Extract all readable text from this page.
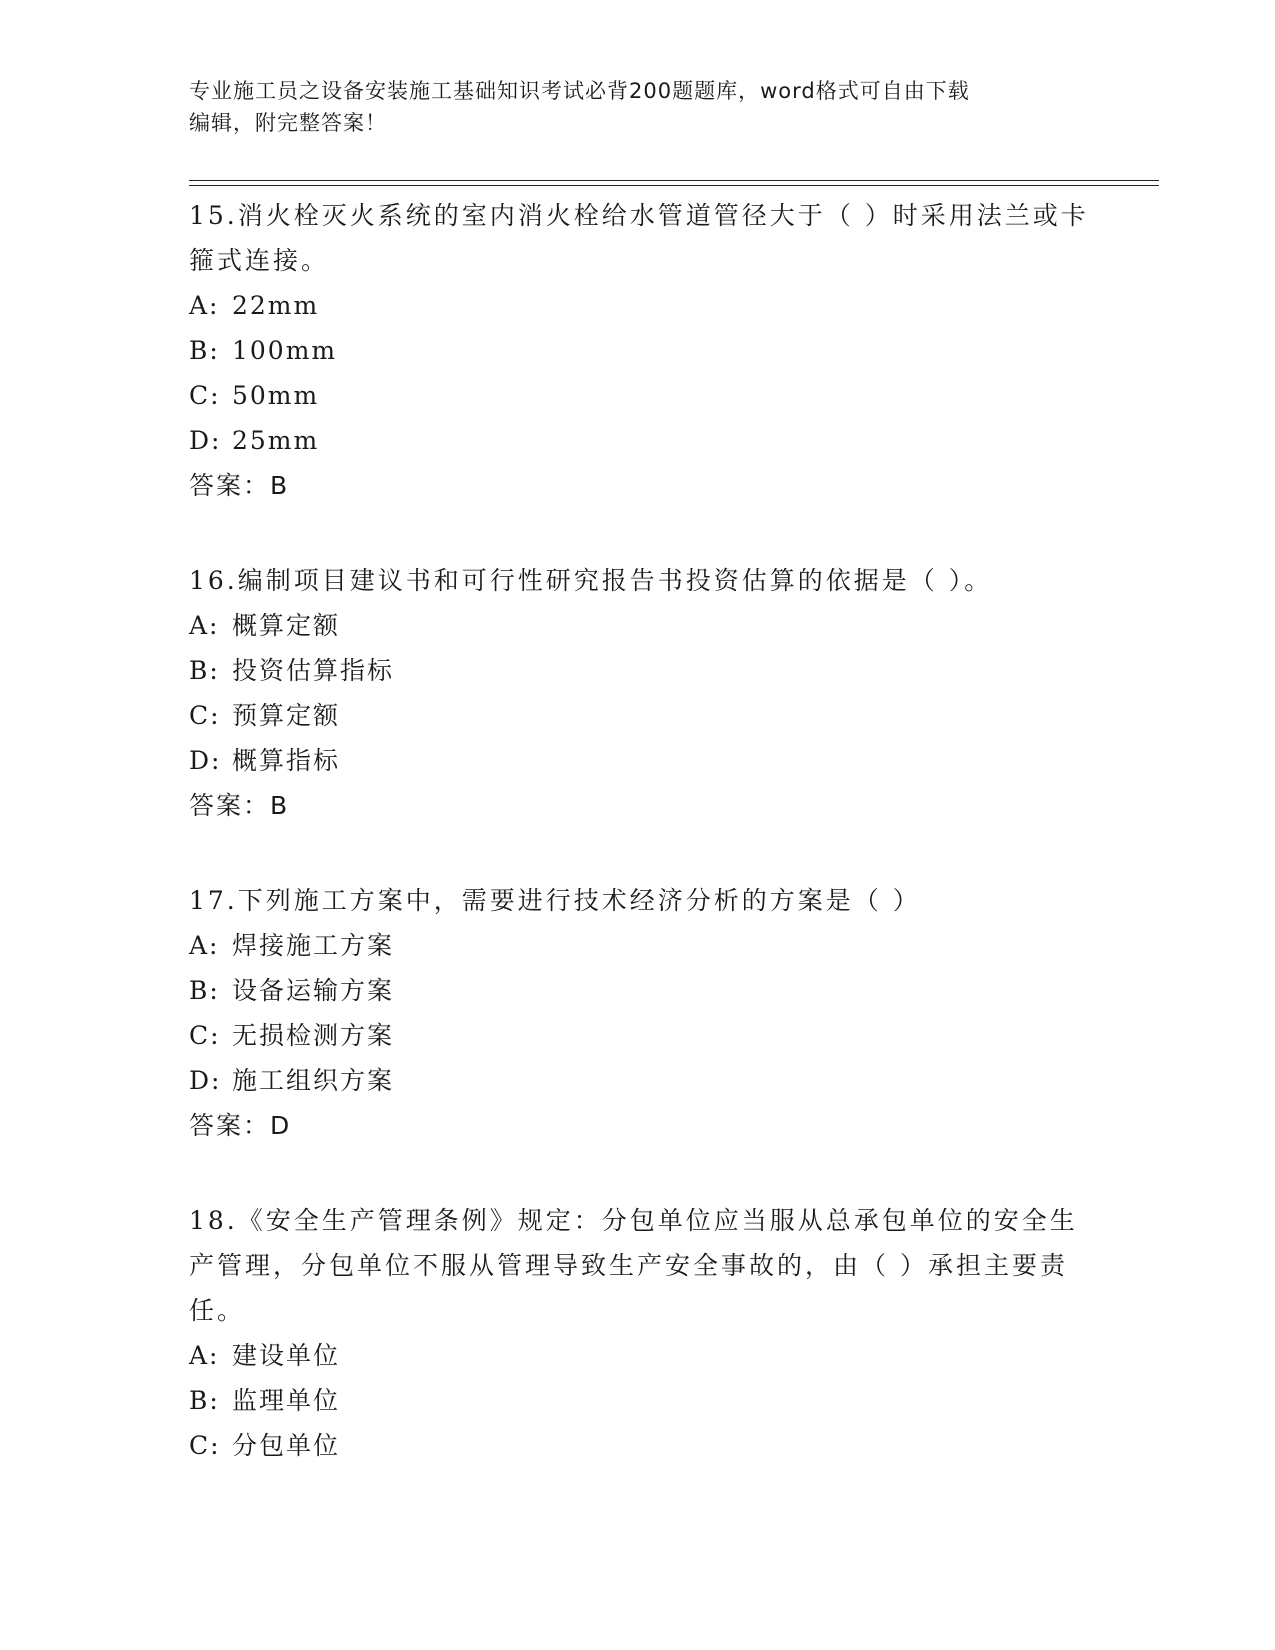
专业施工员之设备安装施工基础知识考试必背200题题库，word格式可自由下载
编辑，附完整答案！

15.消火栓灭火系统的室内消火栓给水管道管径大于（ ）时采用法兰或卡箍式连接。

A: 22mm

B: 100mm

C: 50mm

D: 25mm

答案：B

16.编制项目建议书和可行性研究报告书投资估算的依据是（ ）。

A: 概算定额

B: 投资估算指标

C: 预算定额

D: 概算指标

答案：B

17.下列施工方案中，需要进行技术经济分析的方案是（ ）

A: 焊接施工方案

B: 设备运输方案

C: 无损检测方案

D: 施工组织方案

答案：D

18.《安全生产管理条例》规定：分包单位应当服从总承包单位的安全生产管理，分包单位不服从管理导致生产安全事故的，由（ ）承担主要责任。

A: 建设单位

B: 监理单位

C: 分包单位
